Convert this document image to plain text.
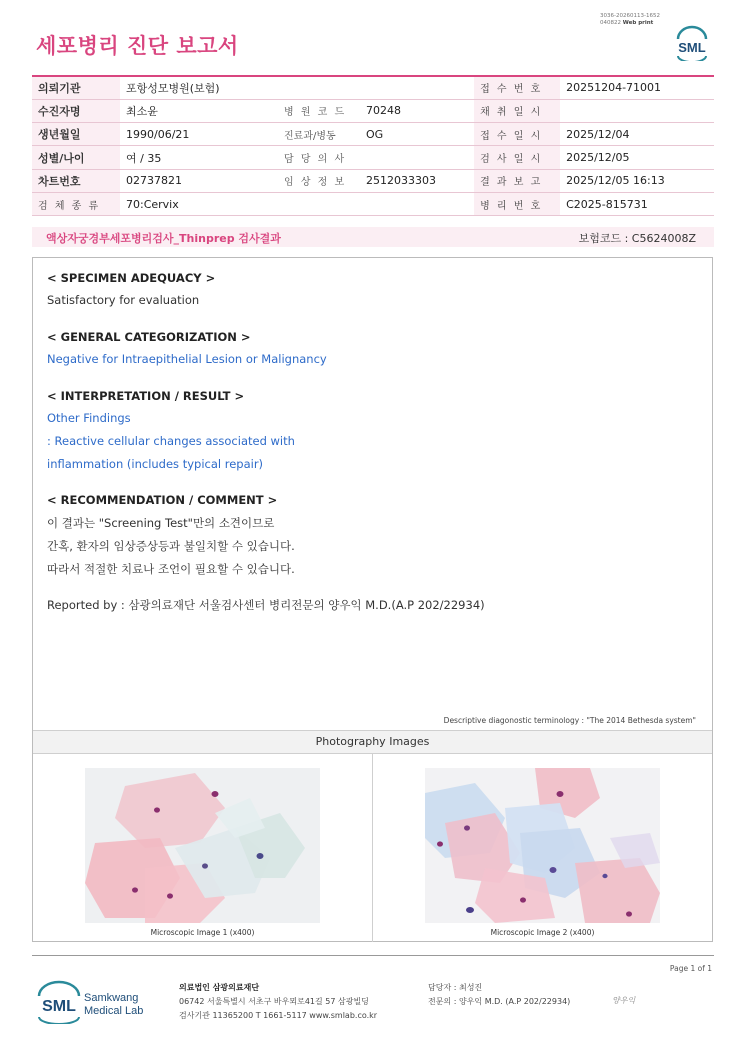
3036-20260113-1652
040822 Web print
세포병리 진단 보고서	SML
의뢰기관	포항성모병원(보험)			접 수 번 호	20251204-71001
수진자명	최소윤	병 원 코 드	70248	채 취 일 시	
생년월일	1990/06/21	진료과/병동	OG	접 수 일 시	2025/12/04
성별/나이	여 / 35	담 당 의 사		검 사 일 시	2025/12/05
차트번호	02737821	임 상 정 보	2512033303	결 과 보 고	2025/12/05 16:13
검 체 종 류	70:Cervix			병 리 번 호	C2025-815731
액상자궁경부세포병리검사_Thinprep 검사결과	보험코드 : C5624008Z
< SPECIMEN ADEQUACY >
Satisfactory for evaluation
< GENERAL CATEGORIZATION >
Negative for Intraepithelial Lesion or Malignancy
< INTERPRETATION / RESULT >
Other Findings
: Reactive cellular changes associated with
inflammation (includes typical repair)
< RECOMMENDATION / COMMENT >
이 결과는 "Screening Test"만의 소견이므로
간혹, 환자의 임상증상등과 불일치할 수 있습니다.
따라서 적절한 치료나 조언이 필요할 수 있습니다.
Reported by : 삼광의료재단 서울검사센터 병리전문의 양우익 M.D.(A.P 202/22934)
Descriptive diagonostic terminology : "The 2014 Bethesda system"
Photography Images
Microscopic Image 1 (x400)	Microscopic Image 2 (x400)
Page 1 of 1
SML Samkwang
Medical Lab
의료법인 삼광의료재단
06742 서울특별시 서초구 바우뫼로41길 57 삼광빌딩
검사기관 11365200 T 1661-5117 www.smlab.co.kr
담당자 : 최성진
전문의 : 양우익 M.D. (A.P 202/22934)	양우익
